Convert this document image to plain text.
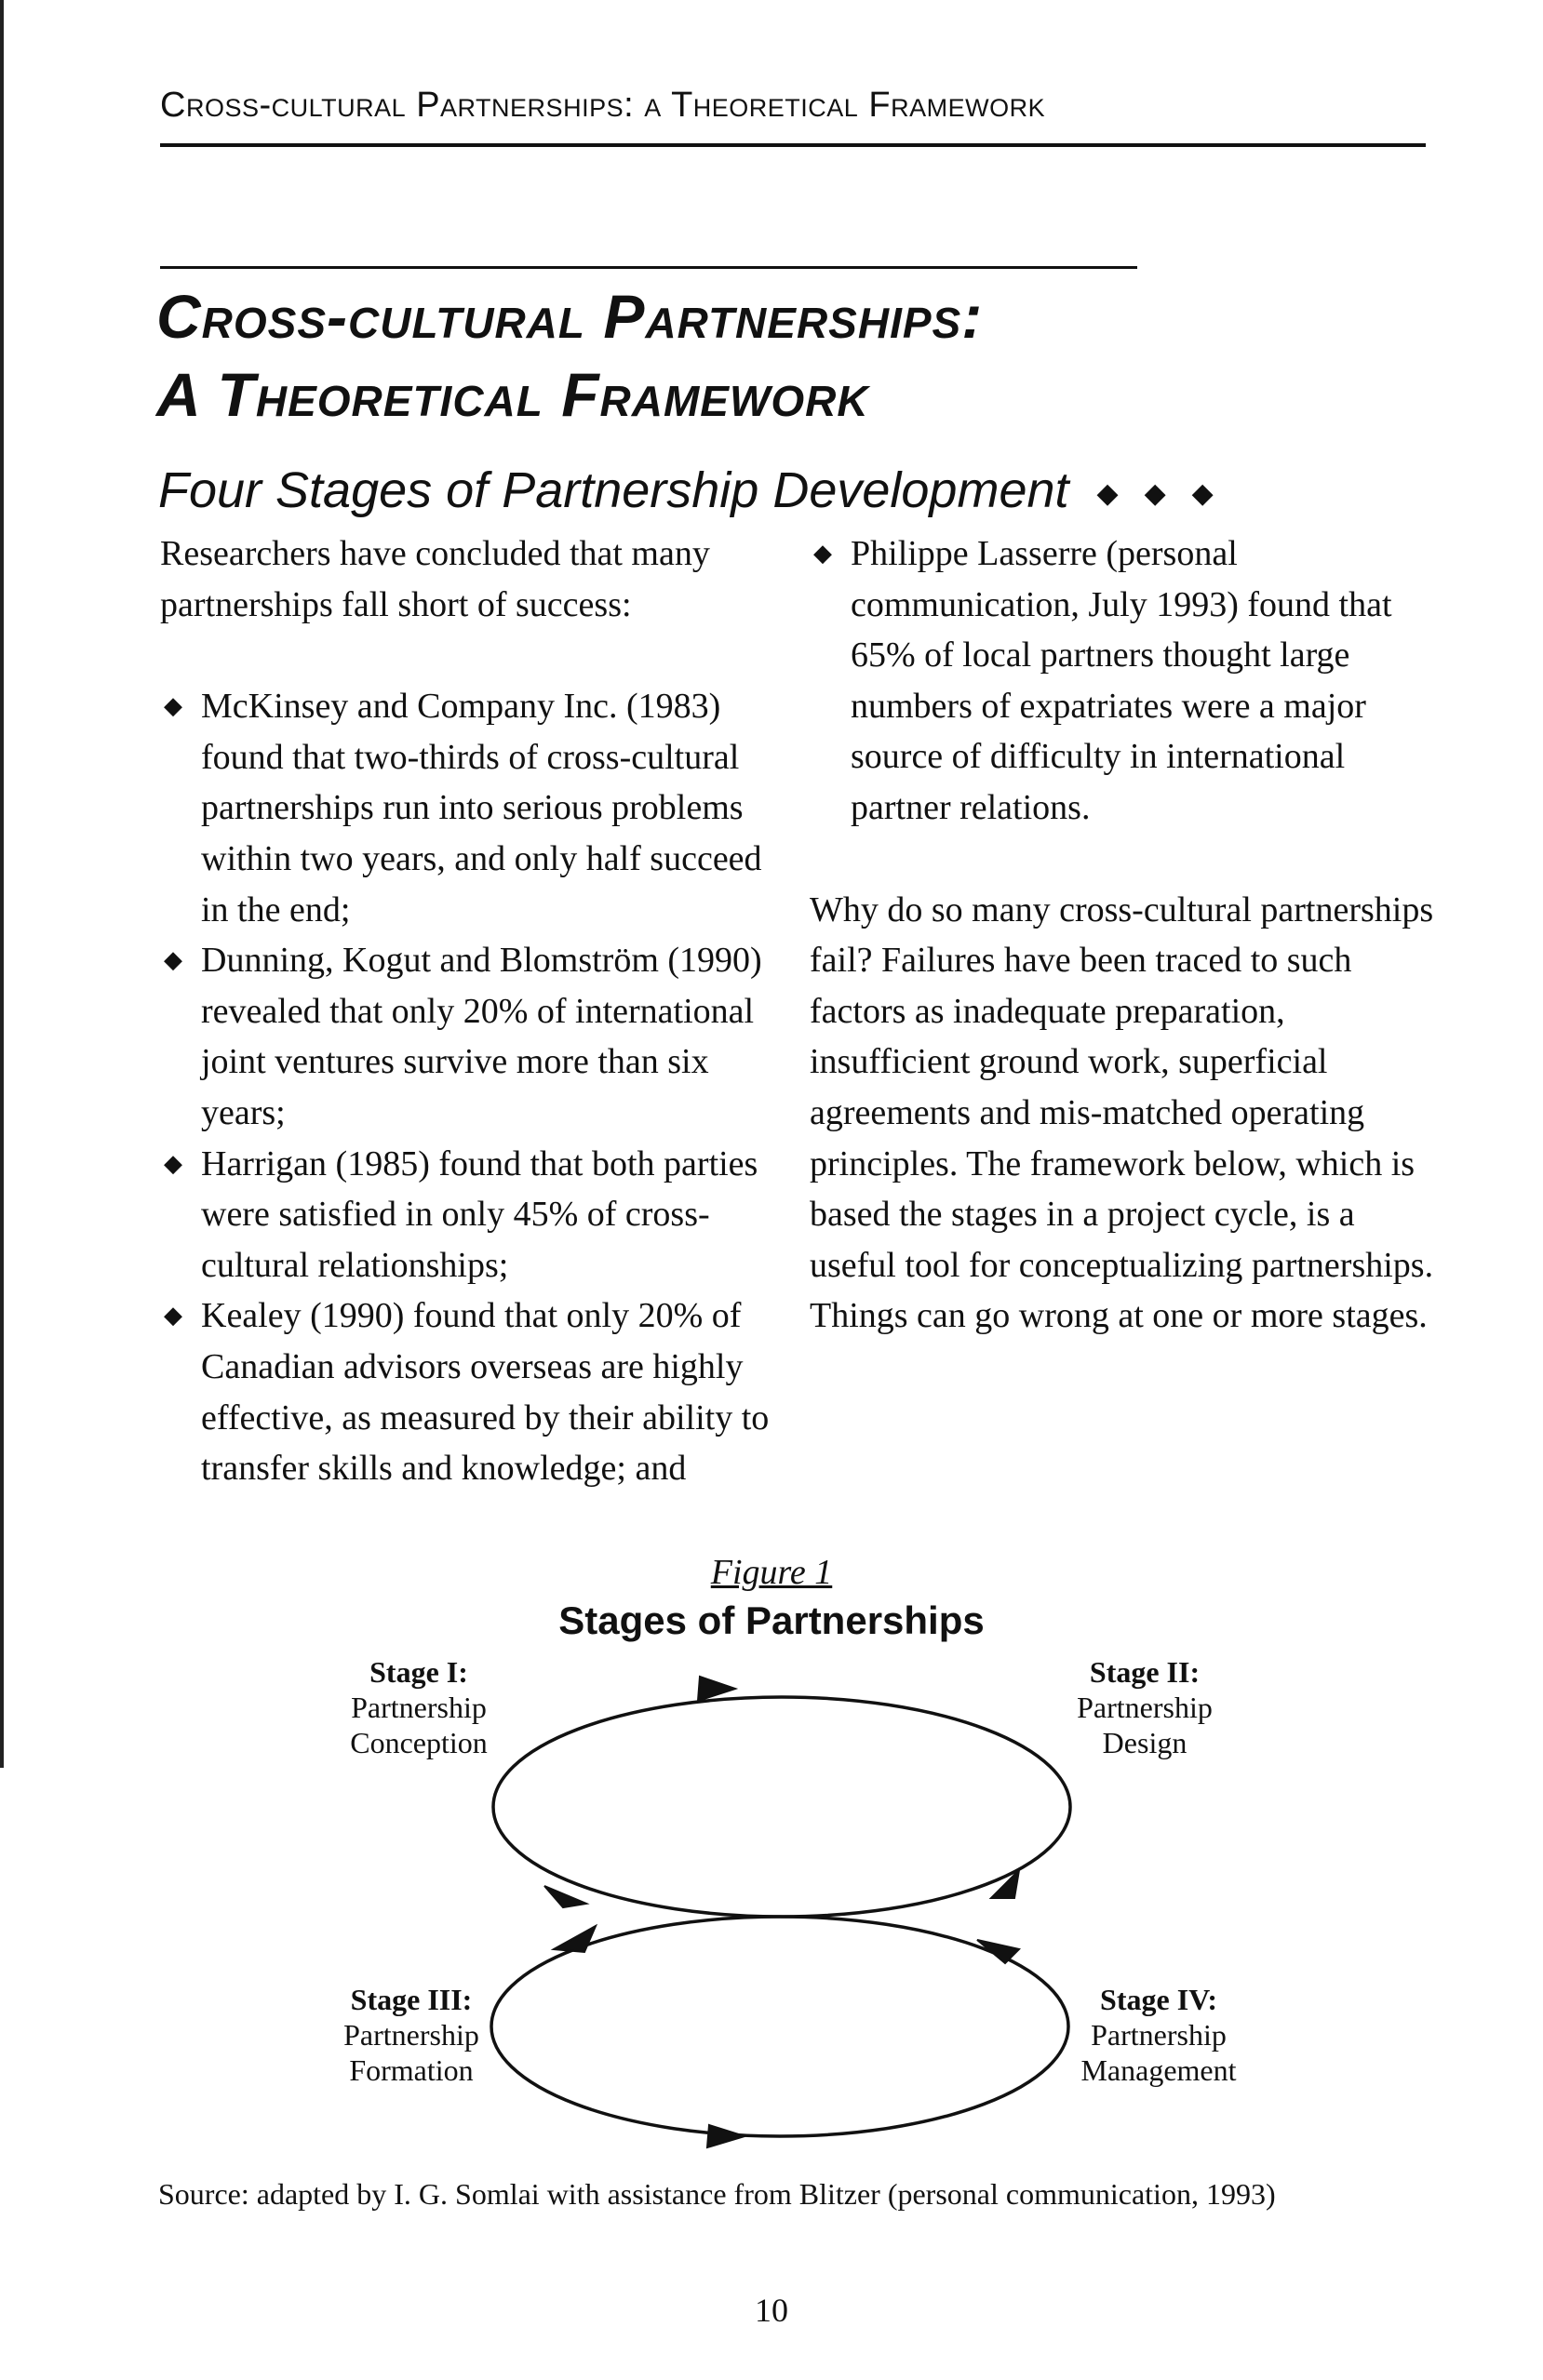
Cross-cultural Partnerships: a Theoretical Framework
Cross-cultural Partnerships:
A Theoretical Framework
Four Stages of Partnership Development ◆◆◆

Researchers have concluded that many partnerships fall short of success:

◆ McKinsey and Company Inc. (1983) found that two-thirds of cross-cultural partnerships run into serious problems within two years, and only half succeed in the end;
◆ Dunning, Kogut and Blomström (1990) revealed that only 20% of international joint ventures survive more than six years;
◆ Harrigan (1985) found that both parties were satisfied in only 45% of cross-cultural relationships;
◆ Kealey (1990) found that only 20% of Canadian advisors overseas are highly effective, as measured by their ability to transfer skills and knowledge; and
◆ Philippe Lasserre (personal communication, July 1993) found that 65% of local partners thought large numbers of expatriates were a major source of difficulty in international partner relations.

Why do so many cross-cultural partnerships fail? Failures have been traced to such factors as inadequate preparation, insufficient ground work, superficial agreements and mis-matched operating principles. The framework below, which is based the stages in a project cycle, is a useful tool for conceptualizing partnerships. Things can go wrong at one or more stages.

Figure 1
Stages of Partnerships
Stage I:
Partnership
Conception
Stage II:
Partnership
Design
Stage III:
Partnership
Formation
Stage IV:
Partnership
Management
Source: adapted by I. G. Somlai with assistance from Blitzer (personal communication, 1993)
10
